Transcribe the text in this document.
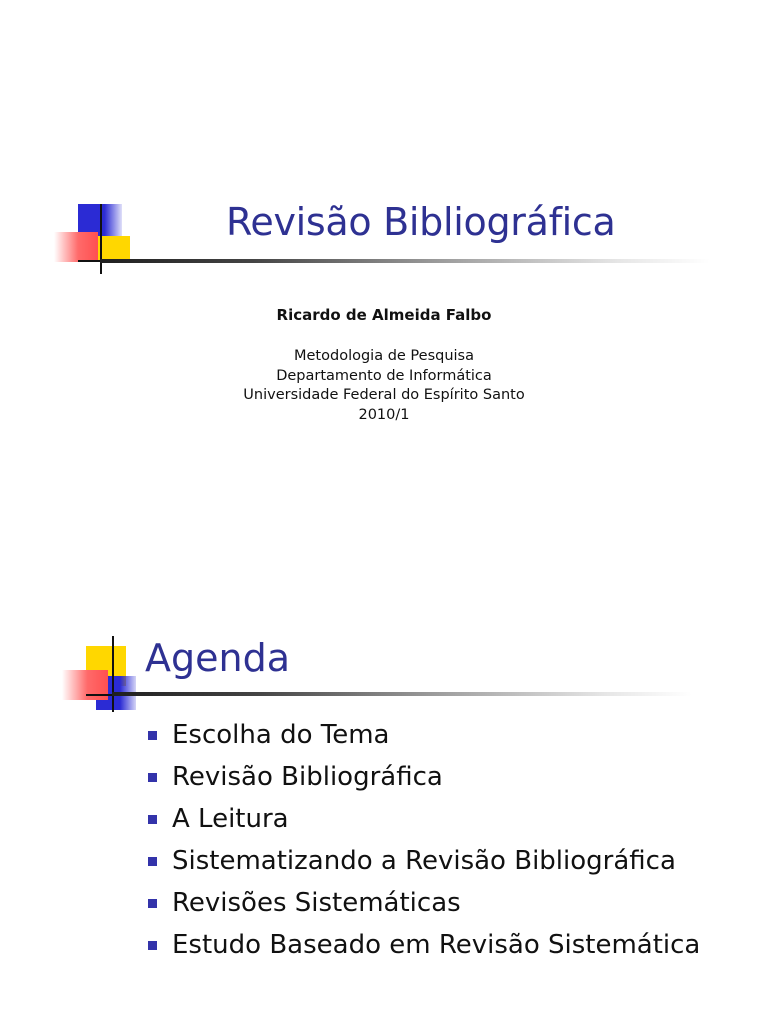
Revisão Bibliográfica
Ricardo de Almeida Falbo
Metodologia de Pesquisa
Departamento de Informática
Universidade Federal do Espírito Santo
2010/1
Agenda
Escolha do Tema
Revisão Bibliográfica
A Leitura
Sistematizando a Revisão Bibliográfica
Revisões Sistemáticas
Estudo Baseado em Revisão Sistemática
